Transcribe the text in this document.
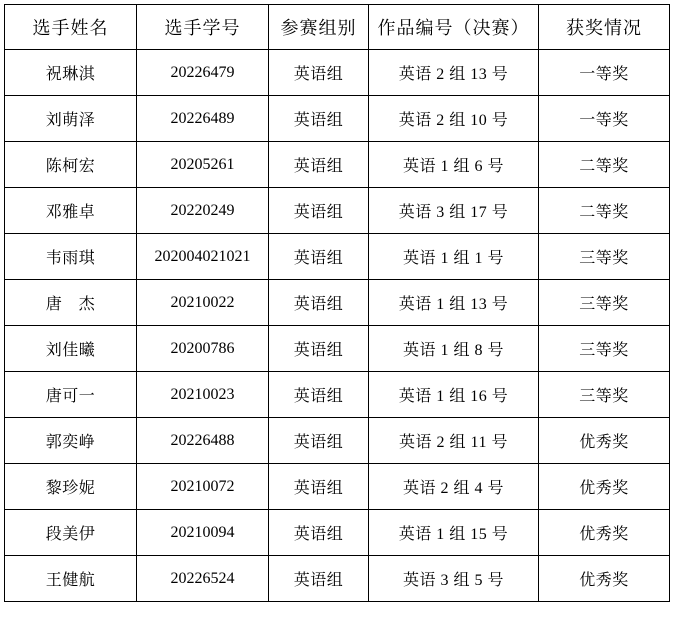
选手姓名	选手学号	参赛组别	作品编号（决赛）	获奖情况
祝琳淇	20226479	英语组	英语 2 组 13 号	一等奖
刘萌泽	20226489	英语组	英语 2 组 10 号	一等奖
陈柯宏	20205261	英语组	英语 1 组 6 号	二等奖
邓雅卓	20220249	英语组	英语 3 组 17 号	二等奖
韦雨琪	202004021021	英语组	英语 1 组 1 号	三等奖
唐　杰	20210022	英语组	英语 1 组 13 号	三等奖
刘佳曦	20200786	英语组	英语 1 组 8 号	三等奖
唐可一	20210023	英语组	英语 1 组 16 号	三等奖
郭奕峥	20226488	英语组	英语 2 组 11 号	优秀奖
黎珍妮	20210072	英语组	英语 2 组 4 号	优秀奖
段美伊	20210094	英语组	英语 1 组 15 号	优秀奖
王健航	20226524	英语组	英语 3 组 5 号	优秀奖
